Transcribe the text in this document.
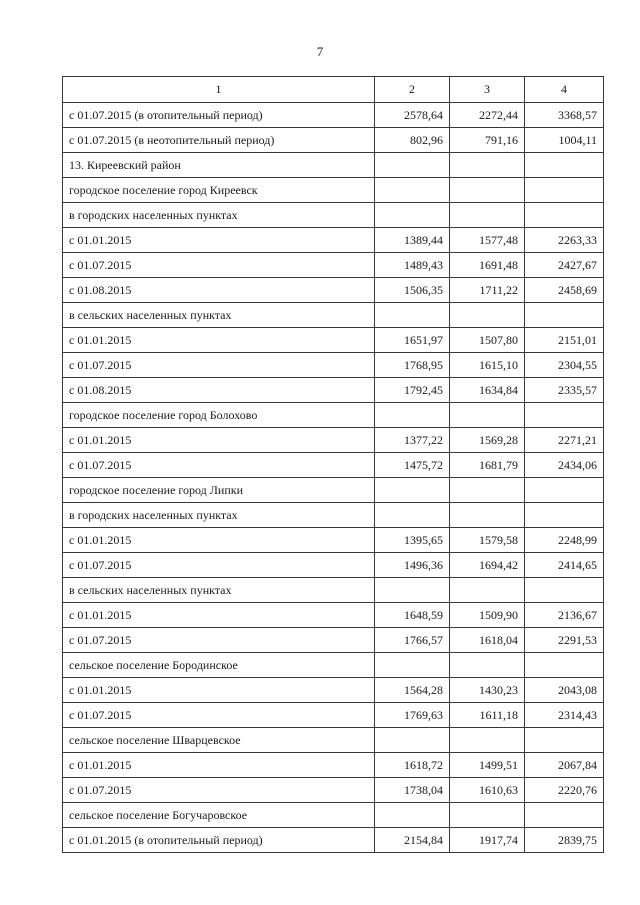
7
1	2	3	4
с 01.07.2015 (в отопительный период)	2578,64	2272,44	3368,57
с 01.07.2015 (в неотопительный период)	802,96	791,16	1004,11
13. Киреевский район			
городское поселение город Киреевск			
в городских населенных пунктах			
с 01.01.2015	1389,44	1577,48	2263,33
с 01.07.2015	1489,43	1691,48	2427,67
с 01.08.2015	1506,35	1711,22	2458,69
в сельских населенных пунктах			
с 01.01.2015	1651,97	1507,80	2151,01
с 01.07.2015	1768,95	1615,10	2304,55
с 01.08.2015	1792,45	1634,84	2335,57
городское поселение город Болохово			
с 01.01.2015	1377,22	1569,28	2271,21
с 01.07.2015	1475,72	1681,79	2434,06
городское поселение город Липки			
в городских населенных пунктах			
с 01.01.2015	1395,65	1579,58	2248,99
с 01.07.2015	1496,36	1694,42	2414,65
в сельских населенных пунктах			
с 01.01.2015	1648,59	1509,90	2136,67
с 01.07.2015	1766,57	1618,04	2291,53
сельское поселение Бородинское			
с 01.01.2015	1564,28	1430,23	2043,08
с 01.07.2015	1769,63	1611,18	2314,43
сельское поселение Шварцевское			
с 01.01.2015	1618,72	1499,51	2067,84
с 01.07.2015	1738,04	1610,63	2220,76
сельское поселение Богучаровское			
с 01.01.2015 (в отопительный период)	2154,84	1917,74	2839,75
